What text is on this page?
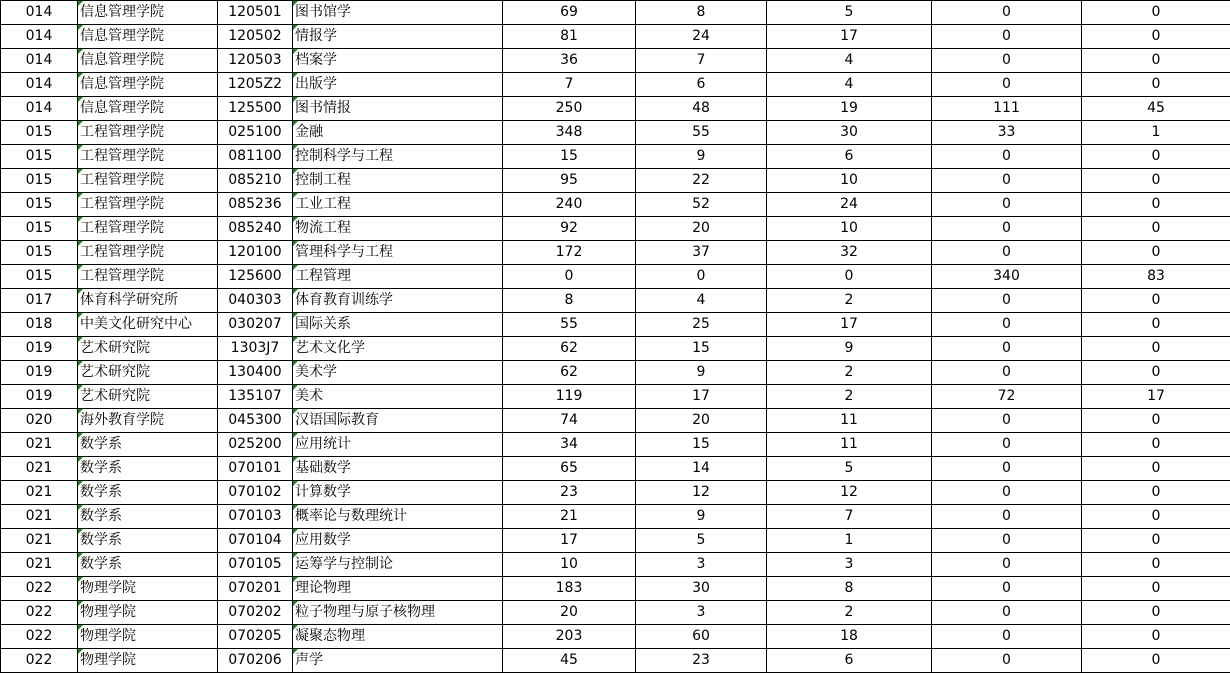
014	信息管理学院	120501	图书馆学	69	8	5	0	0
014	信息管理学院	120502	情报学	81	24	17	0	0
014	信息管理学院	120503	档案学	36	7	4	0	0
014	信息管理学院	1205Z2	出版学	7	6	4	0	0
014	信息管理学院	125500	图书情报	250	48	19	111	45
015	工程管理学院	025100	金融	348	55	30	33	1
015	工程管理学院	081100	控制科学与工程	15	9	6	0	0
015	工程管理学院	085210	控制工程	95	22	10	0	0
015	工程管理学院	085236	工业工程	240	52	24	0	0
015	工程管理学院	085240	物流工程	92	20	10	0	0
015	工程管理学院	120100	管理科学与工程	172	37	32	0	0
015	工程管理学院	125600	工程管理	0	0	0	340	83
017	体育科学研究所	040303	体育教育训练学	8	4	2	0	0
018	中美文化研究中心	030207	国际关系	55	25	17	0	0
019	艺术研究院	1303J7	艺术文化学	62	15	9	0	0
019	艺术研究院	130400	美术学	62	9	2	0	0
019	艺术研究院	135107	美术	119	17	2	72	17
020	海外教育学院	045300	汉语国际教育	74	20	11	0	0
021	数学系	025200	应用统计	34	15	11	0	0
021	数学系	070101	基础数学	65	14	5	0	0
021	数学系	070102	计算数学	23	12	12	0	0
021	数学系	070103	概率论与数理统计	21	9	7	0	0
021	数学系	070104	应用数学	17	5	1	0	0
021	数学系	070105	运筹学与控制论	10	3	3	0	0
022	物理学院	070201	理论物理	183	30	8	0	0
022	物理学院	070202	粒子物理与原子核物理	20	3	2	0	0
022	物理学院	070205	凝聚态物理	203	60	18	0	0
022	物理学院	070206	声学	45	23	6	0	0
